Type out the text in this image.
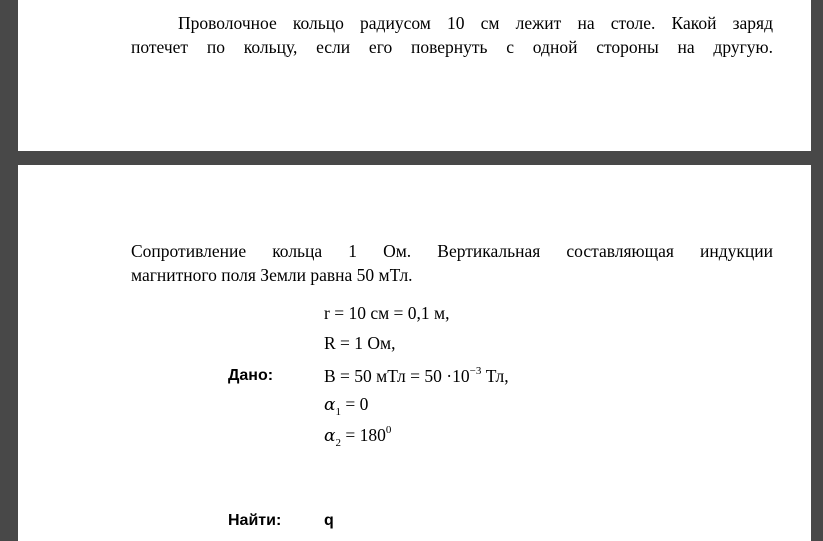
Проволочное кольцо радиусом 10 см лежит на столе. Какой заряд
потечет по кольцу, если его повернуть с одной стороны на другую.
Сопротивление кольца 1 Ом. Вертикальная составляющая индукции
магнитного поля Земли равна 50 мТл.
Дано:
r = 10 см = 0,1 м,
R = 1 Ом,
B = 50 мТл = $50 \cdot 10^{-3}$ Тл,
$\alpha_1 = 0$
$\alpha_2 = 180^0$
Найти:	q
